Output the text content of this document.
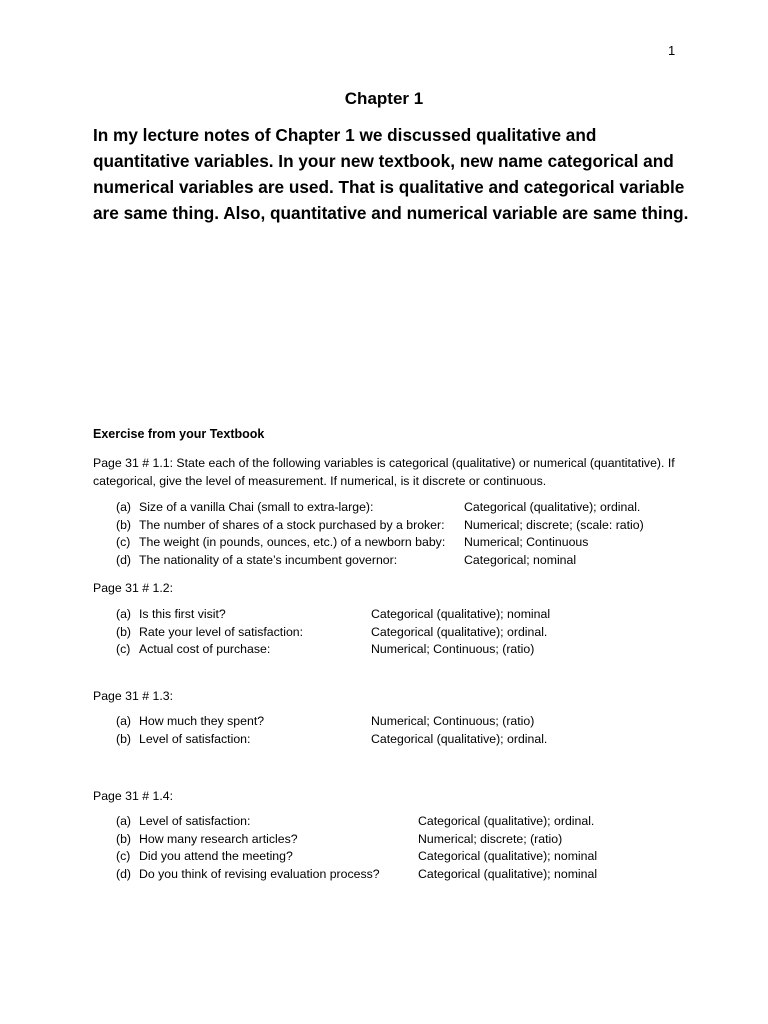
1
Chapter 1
In my lecture notes of Chapter 1 we discussed qualitative and quantitative variables. In your new textbook, new name categorical and numerical variables are used. That is qualitative and categorical variable are same thing. Also, quantitative and numerical variable are same thing.
Exercise from your Textbook
Page 31 # 1.1: State each of the following variables is categorical (qualitative) or numerical (quantitative). If categorical, give the level of measurement. If numerical, is it discrete or continuous.
(a) Size of a vanilla Chai (small to extra-large):	Categorical (qualitative); ordinal.
(b) The number of shares of a stock purchased by a broker: Numerical; discrete; (scale: ratio)
(c) The weight (in pounds, ounces, etc.) of a newborn baby: Numerical; Continuous
(d) The nationality of a state’s incumbent governor:	Categorical; nominal
Page 31 # 1.2:
(a) Is this first visit?	Categorical (qualitative); nominal
(b) Rate your level of satisfaction:	Categorical (qualitative); ordinal.
(c) Actual cost of purchase:	Numerical; Continuous; (ratio)
Page 31 # 1.3:
(a) How much they spent?	Numerical; Continuous; (ratio)
(b) Level of satisfaction:	Categorical (qualitative); ordinal.
Page 31 # 1.4:
(a) Level of satisfaction:	Categorical (qualitative); ordinal.
(b) How many research articles?	Numerical; discrete; (ratio)
(c) Did you attend the meeting?	Categorical (qualitative); nominal
(d) Do you think of revising evaluation process?	Categorical (qualitative); nominal
